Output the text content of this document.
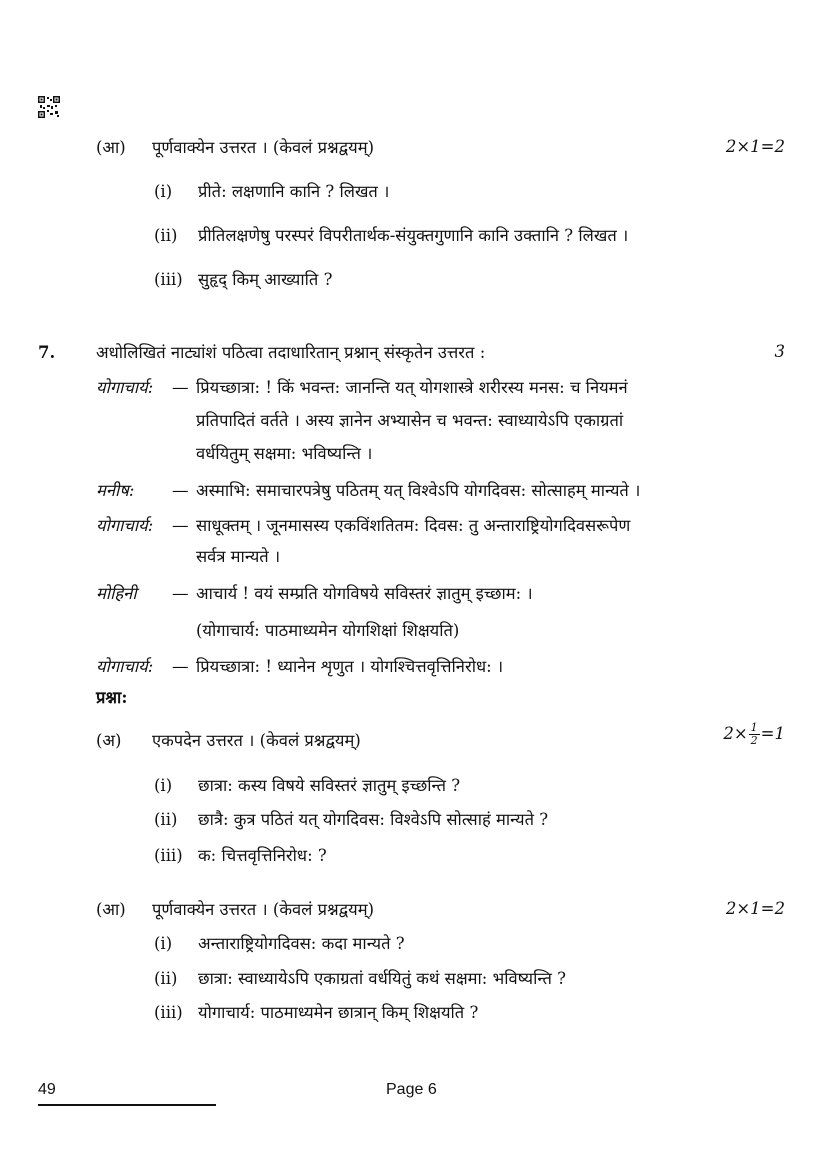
(आ) पूर्णवाक्येन उत्तरत । (केवलं प्रश्नद्वयम्)	2×1=2
(i) प्रीते: लक्षणानि कानि ? लिखत ।
(ii) प्रीतिलक्षणेषु परस्परं विपरीतार्थक-संयुक्तगुणानि कानि उक्तानि ? लिखत ।
(iii) सुहृद् किम् आख्याति ?
7. अधोलिखितं नाट्यांशं पठित्वा तदाधारितान् प्रश्नान् संस्कृतेन उत्तरत :	3
योगाचार्य: — प्रियच्छात्रा: ! किं भवन्त: जानन्ति यत् योगशास्त्रे शरीरस्य मनस: च नियमनं
प्रतिपादितं वर्तते । अस्य ज्ञानेन अभ्यासेन च भवन्त: स्वाध्यायेऽपि एकाग्रतां
वर्धयितुम् सक्षमा: भविष्यन्ति ।
मनीष: — अस्माभि: समाचारपत्रेषु पठितम् यत् विश्वेऽपि योगदिवस: सोत्साहम् मान्यते ।
योगाचार्य: — साधूक्तम् । जूनमासस्य एकविंशतितम: दिवस: तु अन्ताराष्ट्रियोगदिवसरूपेण
सर्वत्र मान्यते ।
मोहिनी — आचार्य ! वयं सम्प्रति योगविषये सविस्तरं ज्ञातुम् इच्छाम: ।
(योगाचार्य: पाठमाध्यमेन योगशिक्षां शिक्षयति)
योगाचार्य: — प्रियच्छात्रा: ! ध्यानेन शृणुत । योगश्चित्तवृत्तिनिरोध: ।
प्रश्ना:
(अ) एकपदेन उत्तरत । (केवलं प्रश्नद्वयम्)	$2\times \frac{1}{2} =1$
(i) छात्रा: कस्य विषये सविस्तरं ज्ञातुम् इच्छन्ति ?
(ii) छात्रै: कुत्र पठितं यत् योगदिवस: विश्वेऽपि सोत्साहं मान्यते ?
(iii) क: चित्तवृत्तिनिरोध: ?
(आ) पूर्णवाक्येन उत्तरत । (केवलं प्रश्नद्वयम्)	2×1=2
(i) अन्ताराष्ट्रियोगदिवस: कदा मान्यते ?
(ii) छात्रा: स्वाध्यायेऽपि एकाग्रतां वर्धयितुं कथं सक्षमा: भविष्यन्ति ?
(iii) योगाचार्य: पाठमाध्यमेन छात्रान् किम् शिक्षयति ?
49	Page 6
